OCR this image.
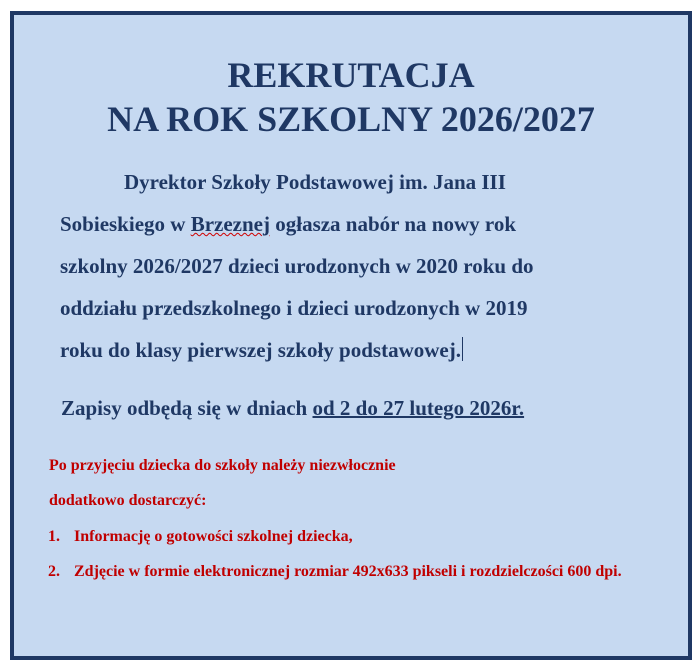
REKRUTACJA
NA ROK SZKOLNY 2026/2027
Dyrektor Szkoły Podstawowej im. Jana III
Sobieskiego w Brzeznej ogłasza nabór na nowy rok
szkolny 2026/2027 dzieci urodzonych w 2020 roku do
oddziału przedszkolnego i dzieci urodzonych w 2019
roku do klasy pierwszej szkoły podstawowej.
Zapisy odbędą się w dniach od 2 do 27 lutego 2026r.
Po przyjęciu dziecka do szkoły należy niezwłocznie
dodatkowo dostarczyć:
1. Informację o gotowości szkolnej dziecka,
2. Zdjęcie w formie elektronicznej rozmiar 492x633 pikseli i rozdzielczości 600 dpi.
